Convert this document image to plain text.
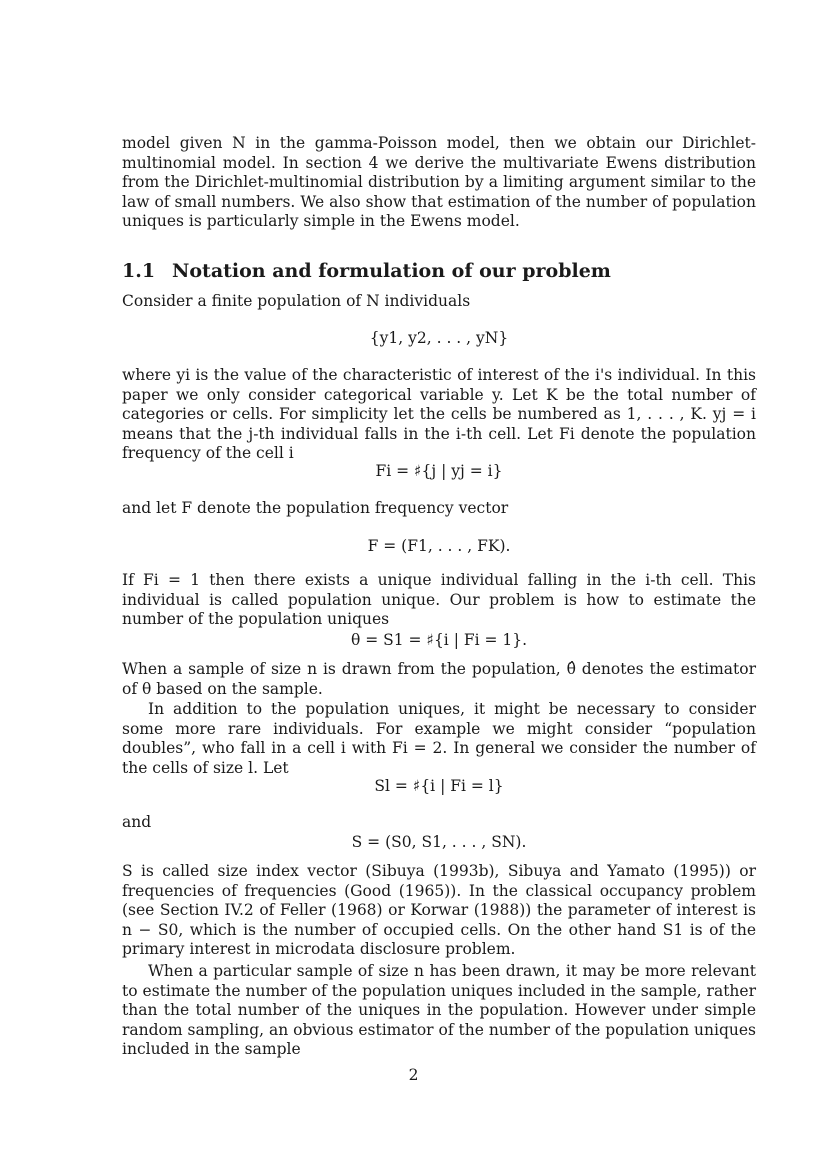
model given N in the gamma-Poisson model, then we obtain our Dirichlet-multinomial model. In section 4 we derive the multivariate Ewens distribution from the Dirichlet-multinomial distribution by a limiting argument similar to the law of small numbers. We also show that estimation of the number of population uniques is particularly simple in the Ewens model.

1.1 Notation and formulation of our problem

Consider a finite population of N individuals

{y1, y2, . . . , yN}

where yi is the value of the characteristic of interest of the i's individual. In this paper we only consider categorical variable y. Let K be the total number of categories or cells. For simplicity let the cells be numbered as 1, . . . , K. yj = i means that the j-th individual falls in the i-th cell. Let Fi denote the population frequency of the cell i

Fi = ♯{j | yj = i}

and let F denote the population frequency vector

F = (F1, . . . , FK).

If Fi = 1 then there exists a unique individual falling in the i-th cell. This individual is called population unique. Our problem is how to estimate the number of the population uniques

θ = S1 = ♯{i | Fi = 1}.

When a sample of size n is drawn from the population, θ̂ denotes the estimator of θ based on the sample.

In addition to the population uniques, it might be necessary to consider some more rare individuals. For example we might consider “population doubles”, who fall in a cell i with Fi = 2. In general we consider the number of the cells of size l. Let

Sl = ♯{i | Fi = l}

and

S = (S0, S1, . . . , SN).

S is called size index vector (Sibuya (1993b), Sibuya and Yamato (1995)) or frequencies of frequencies (Good (1965)). In the classical occupancy problem (see Section IV.2 of Feller (1968) or Korwar (1988)) the parameter of interest is n − S0, which is the number of occupied cells. On the other hand S1 is of the primary interest in microdata disclosure problem.

When a particular sample of size n has been drawn, it may be more relevant to estimate the number of the population uniques included in the sample, rather than the total number of the uniques in the population. However under simple random sampling, an obvious estimator of the number of the population uniques included in the sample

2
